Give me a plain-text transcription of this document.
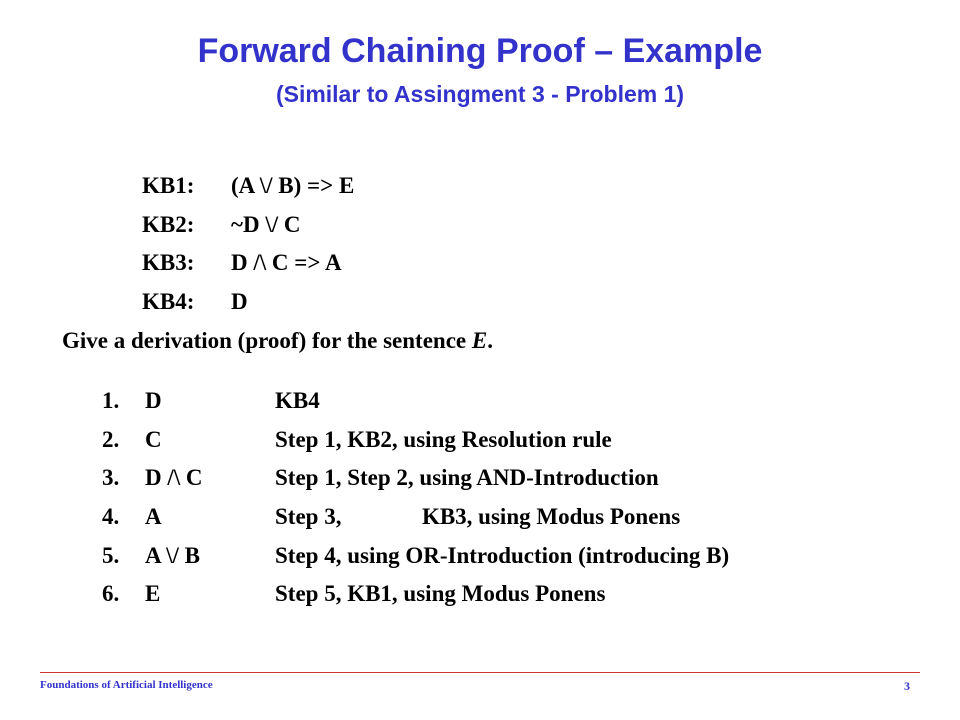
Forward Chaining Proof – Example
(Similar to Assingment 3 - Problem 1)
KB1: (A \/ B) => E
KB2: ~D \/ C
KB3: D /\ C => A
KB4: D
Give a derivation (proof) for the sentence E.
1. D	KB4
2. C	Step 1, KB2, using Resolution rule
3. D /\ C	Step 1, Step 2, using AND-Introduction
4. A	Step 3,              KB3, using Modus Ponens
5. A \/ B	Step 4, using OR-Introduction (introducing B)
6. E	Step 5, KB1, using Modus Ponens
Foundations of Artificial Intelligence	3
